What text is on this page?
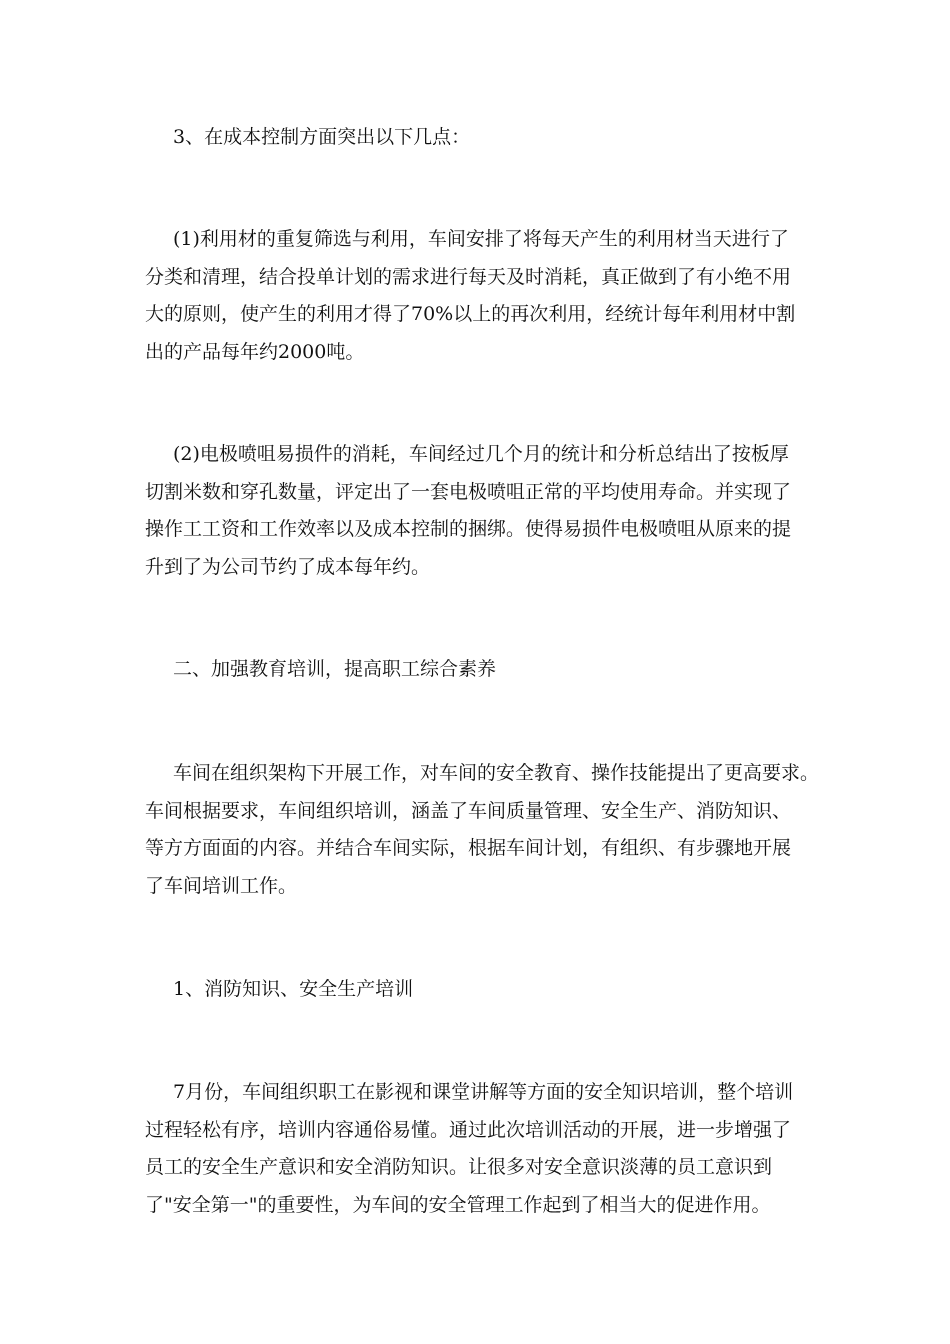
3、在成本控制方面突出以下几点：
(1)利用材的重复筛选与利用，车间安排了将每天产生的利用材当天进行了
分类和清理，结合投单计划的需求进行每天及时消耗，真正做到了有小绝不用
大的原则，使产生的利用才得了70%以上的再次利用，经统计每年利用材中割
出的产品每年约2000吨。
(2)电极喷咀易损件的消耗，车间经过几个月的统计和分析总结出了按板厚
切割米数和穿孔数量，评定出了一套电极喷咀正常的平均使用寿命。并实现了
操作工工资和工作效率以及成本控制的捆绑。使得易损件电极喷咀从原来的提
升到了为公司节约了成本每年约。
二、加强教育培训，提高职工综合素养
车间在组织架构下开展工作，对车间的安全教育、操作技能提出了更高要求。
车间根据要求，车间组织培训，涵盖了车间质量管理、安全生产、消防知识、
等方方面面的内容。并结合车间实际，根据车间计划，有组织、有步骤地开展
了车间培训工作。
1、消防知识、安全生产培训
7月份，车间组织职工在影视和课堂讲解等方面的安全知识培训，整个培训
过程轻松有序，培训内容通俗易懂。通过此次培训活动的开展，进一步增强了
员工的安全生产意识和安全消防知识。让很多对安全意识淡薄的员工意识到
了"安全第一"的重要性，为车间的安全管理工作起到了相当大的促进作用。
